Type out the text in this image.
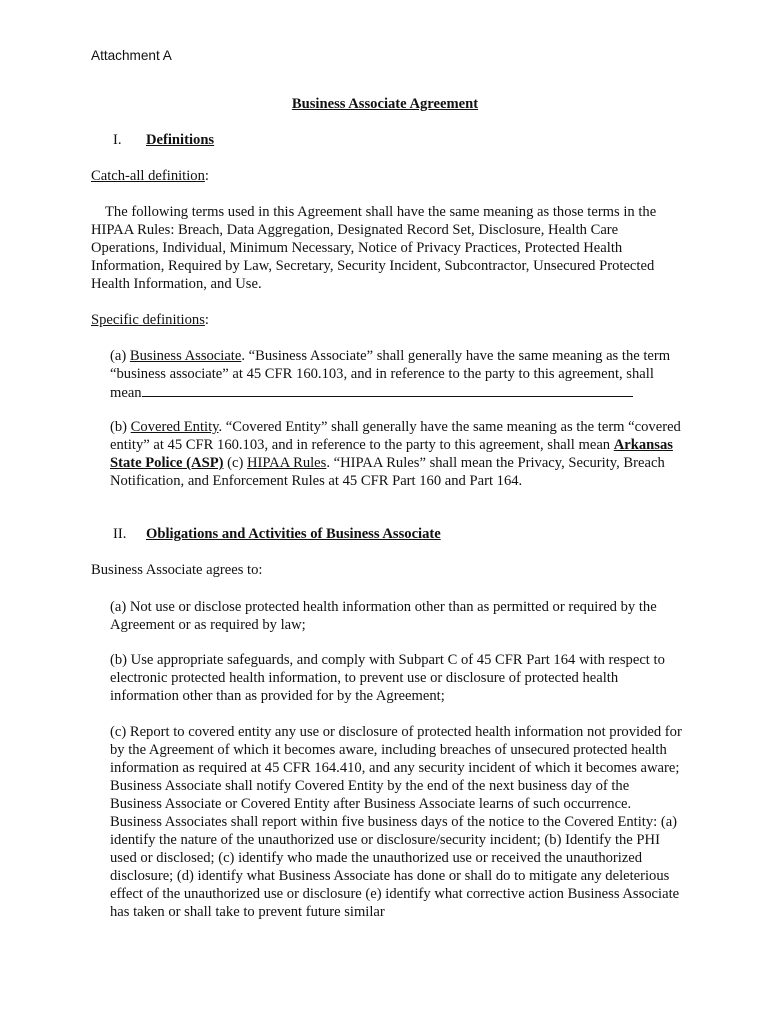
Attachment A
Business Associate Agreement
I. Definitions
Catch-all definition:

The following terms used in this Agreement shall have the same meaning as those terms in the HIPAA Rules: Breach, Data Aggregation, Designated Record Set, Disclosure, Health Care Operations, Individual, Minimum Necessary, Notice of Privacy Practices, Protected Health Information, Required by Law, Secretary, Security Incident, Subcontractor, Unsecured Protected Health Information, and Use.

Specific definitions:

(a) Business Associate. “Business Associate” shall generally have the same meaning as the term “business associate” at 45 CFR 160.103, and in reference to the party to this agreement, shall mean

(b) Covered Entity. “Covered Entity” shall generally have the same meaning as the term “covered entity” at 45 CFR 160.103, and in reference to the party to this agreement, shall mean Arkansas State Police (ASP) (c) HIPAA Rules. “HIPAA Rules” shall mean the Privacy, Security, Breach Notification, and Enforcement Rules at 45 CFR Part 160 and Part 164.

II. Obligations and Activities of Business Associate
Business Associate agrees to:

(a) Not use or disclose protected health information other than as permitted or required by the Agreement or as required by law;

(b) Use appropriate safeguards, and comply with Subpart C of 45 CFR Part 164 with respect to electronic protected health information, to prevent use or disclosure of protected health information other than as provided for by the Agreement;

(c) Report to covered entity any use or disclosure of protected health information not provided for by the Agreement of which it becomes aware, including breaches of unsecured protected health information as required at 45 CFR 164.410, and any security incident of which it becomes aware; Business Associate shall notify Covered Entity by the end of the next business day of the Business Associate or Covered Entity after Business Associate learns of such occurrence. Business Associates shall report within five business days of the notice to the Covered Entity: (a) identify the nature of the unauthorized use or disclosure/security incident; (b) Identify the PHI used or disclosed; (c) identify who made the unauthorized use or received the unauthorized disclosure; (d) identify what Business Associate has done or shall do to mitigate any deleterious effect of the unauthorized use or disclosure (e) identify what corrective action Business Associate has taken or shall take to prevent future similar
